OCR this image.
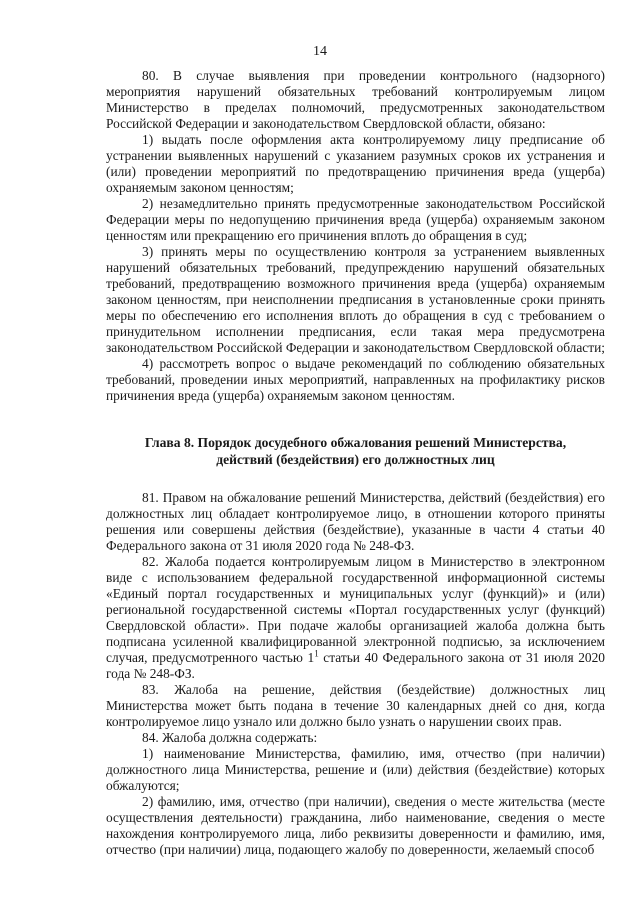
14

80. В случае выявления при проведении контрольного (надзорного) мероприятия нарушений обязательных требований контролируемым лицом Министерство в пределах полномочий, предусмотренных законодательством Российской Федерации и законодательством Свердловской области, обязано:

1) выдать после оформления акта контролируемому лицу предписание об устранении выявленных нарушений с указанием разумных сроков их устранения и (или) проведении мероприятий по предотвращению причинения вреда (ущерба) охраняемым законом ценностям;

2) незамедлительно принять предусмотренные законодательством Российской Федерации меры по недопущению причинения вреда (ущерба) охраняемым законом ценностям или прекращению его причинения вплоть до обращения в суд;

3) принять меры по осуществлению контроля за устранением выявленных нарушений обязательных требований, предупреждению нарушений обязательных требований, предотвращению возможного причинения вреда (ущерба) охраняемым законом ценностям, при неисполнении предписания в установленные сроки принять меры по обеспечению его исполнения вплоть до обращения в суд с требованием о принудительном исполнении предписания, если такая мера предусмотрена законодательством Российской Федерации и законодательством Свердловской области;

4) рассмотреть вопрос о выдаче рекомендаций по соблюдению обязательных требований, проведении иных мероприятий, направленных на профилактику рисков причинения вреда (ущерба) охраняемым законом ценностям.

Глава 8. Порядок досудебного обжалования решений Министерства,
действий (бездействия) его должностных лиц

81. Правом на обжалование решений Министерства, действий (бездействия) его должностных лиц обладает контролируемое лицо, в отношении которого приняты решения или совершены действия (бездействие), указанные в части 4 статьи 40 Федерального закона от 31 июля 2020 года № 248-ФЗ.

82. Жалоба подается контролируемым лицом в Министерство в электронном виде с использованием федеральной государственной информационной системы «Единый портал государственных и муниципальных услуг (функций)» и (или) региональной государственной системы «Портал государственных услуг (функций) Свердловской области». При подаче жалобы организацией жалоба должна быть подписана усиленной квалифицированной электронной подписью, за исключением случая, предусмотренного частью $1^1$ статьи 40 Федерального закона от 31 июля 2020 года № 248-ФЗ.

83. Жалоба на решение, действия (бездействие) должностных лиц Министерства может быть подана в течение 30 календарных дней со дня, когда контролируемое лицо узнало или должно было узнать о нарушении своих прав.

84. Жалоба должна содержать:

1) наименование Министерства, фамилию, имя, отчество (при наличии) должностного лица Министерства, решение и (или) действия (бездействие) которых обжалуются;

2) фамилию, имя, отчество (при наличии), сведения о месте жительства (месте осуществления деятельности) гражданина, либо наименование, сведения о месте нахождения контролируемого лица, либо реквизиты доверенности и фамилию, имя, отчество (при наличии) лица, подающего жалобу по доверенности, желаемый способ
